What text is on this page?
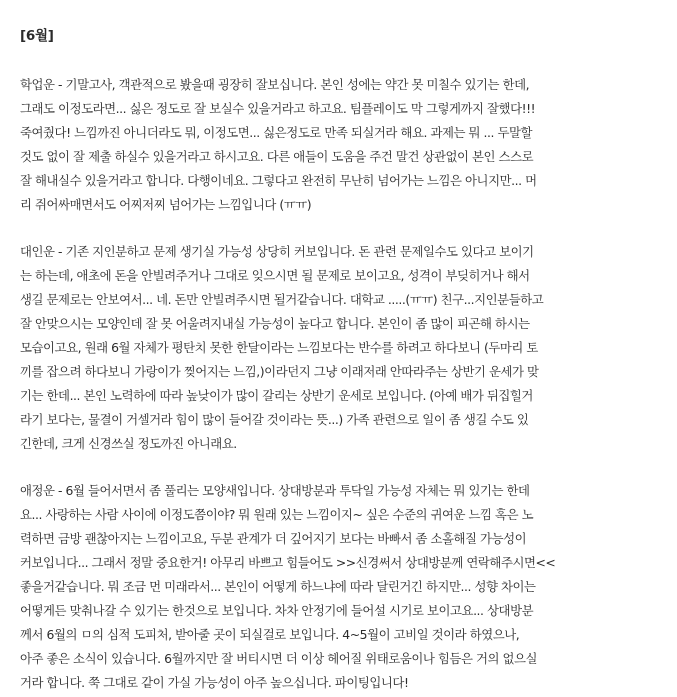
[6월]
학업운 - 기말고사, 객관적으로 봤을때 굉장히 잘보십니다. 본인 성에는 약간 못 미칠수 있기는 한데,
그래도 이정도라면... 싫은 정도로 잘 보실수 있을거라고 하고요. 팀플레이도 막 그렇게까지 잘했다!!!
죽여줬다! 느낌까진 아니더라도 뭐, 이정도면... 싫은정도로 만족 되실거라 해요. 과제는 뭐 ... 두말할
것도 없이 잘 제출 하실수 있을거라고 하시고요. 다른 애들이 도움을 주건 말건 상관없이 본인 스스로
잘 해내실수 있을거라고 합니다. 다행이네요. 그렇다고 완전히 무난히 넘어가는 느낌은 아니지만... 머
리 쥐어싸매면서도 어찌저찌 넘어가는 느낌입니다 (ㅠㅠ)
대인운 - 기존 지인분하고 문제 생기실 가능성 상당히 커보입니다. 돈 관련 문제일수도 있다고 보이기
는 하는데, 애초에 돈을 안빌려주거나 그대로 잊으시면 될 문제로 보이고요, 성격이 부딪히거나 해서
생길 문제로는 안보여서... 네. 돈만 안빌려주시면 될거같습니다. 대학교 .....(ㅠㅠ) 친구...지인분들하고
잘 안맞으시는 모양인데 잘 못 어울려지내실 가능성이 높다고 합니다. 본인이 좀 많이 피곤해 하시는
모습이고요, 원래 6월 자체가 평탄치 못한 한달이라는 느낌보다는 반수를 하려고 하다보니 (두마리 토
끼를 잡으려 하다보니 가랑이가 찢어지는 느낌,)이라던지 그냥 이래저래 안따라주는 상반기 운세가 맞
기는 한데... 본인 노력하에 따라 높낮이가 많이 갈리는 상반기 운세로 보입니다. (아예 배가 뒤집힐거
라기 보다는, 물결이 거셀거라 힘이 많이 들어갈 것이라는 뜻...) 가족 관련으로 일이 좀 생길 수도 있
긴한데, 크게 신경쓰실 정도까진 아니래요.
애정운 - 6월 들어서면서 좀 풀리는 모양새입니다. 상대방분과 투닥일 가능성 자체는 뭐 있기는 한데
요... 사랑하는 사람 사이에 이정도쯤이야? 뭐 원래 있는 느낌이지~ 싶은 수준의 귀여운 느낌 혹은 노
력하면 금방 괜찮아지는 느낌이고요, 두분 관계가 더 깊어지기 보다는 바빠서 좀 소홀해질 가능성이
커보입니다... 그래서 정말 중요한거! 아무리 바쁘고 힘들어도 >>신경써서 상대방분께 연락해주시면<<
좋을거같습니다. 뭐 조금 먼 미래라서... 본인이 어떻게 하느냐에 따라 달린거긴 하지만... 성향 차이는
어떻게든 맞춰나갈 수 있기는 한것으로 보입니다. 차차 안정기에 들어설 시기로 보이고요... 상대방분
께서 6월의 ㅁ의 심적 도피처, 받아줄 곳이 되실걸로 보입니다. 4~5월이 고비일 것이라 하였으나,
아주 좋은 소식이 있습니다. 6월까지만 잘 버티시면 더 이상 헤어질 위태로움이나 힘듬은 거의 없으실
거라 합니다. 쭉 그대로 같이 가실 가능성이 아주 높으십니다. 파이팅입니다!
